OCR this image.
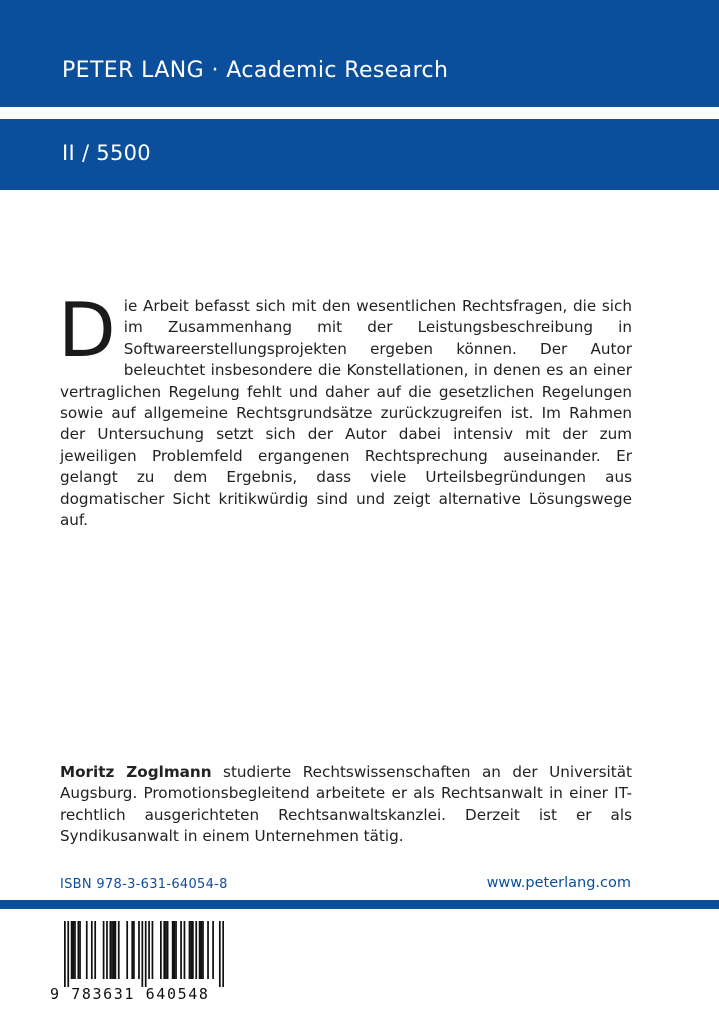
PETER LANG · Academic Research
II / 5500
Die Arbeit befasst sich mit den wesentlichen Rechtsfragen, die sich im Zusammenhang mit der Leistungsbeschreibung in Softwareerstellungsprojekten ergeben können. Der Autor beleuchtet insbesondere die Konstellationen, in denen es an einer vertraglichen Regelung fehlt und daher auf die gesetzlichen Regelungen sowie auf allgemeine Rechtsgrundsätze zurückzugreifen ist. Im Rahmen der Untersuchung setzt sich der Autor dabei intensiv mit der zum jeweiligen Problemfeld ergangenen Rechtsprechung auseinander. Er gelangt zu dem Ergebnis, dass viele Urteilsbegründungen aus dogmatischer Sicht kritikwürdig sind und zeigt alternative Lösungswege auf.
Moritz Zoglmann studierte Rechtswissenschaften an der Universität Augsburg. Promotionsbegleitend arbeitete er als Rechtsanwalt in einer IT-rechtlich ausgerichteten Rechtsanwaltskanzlei. Derzeit ist er als Syndikusanwalt in einem Unternehmen tätig.
ISBN 978-3-631-64054-8	www.peterlang.com
9 783631 640548
